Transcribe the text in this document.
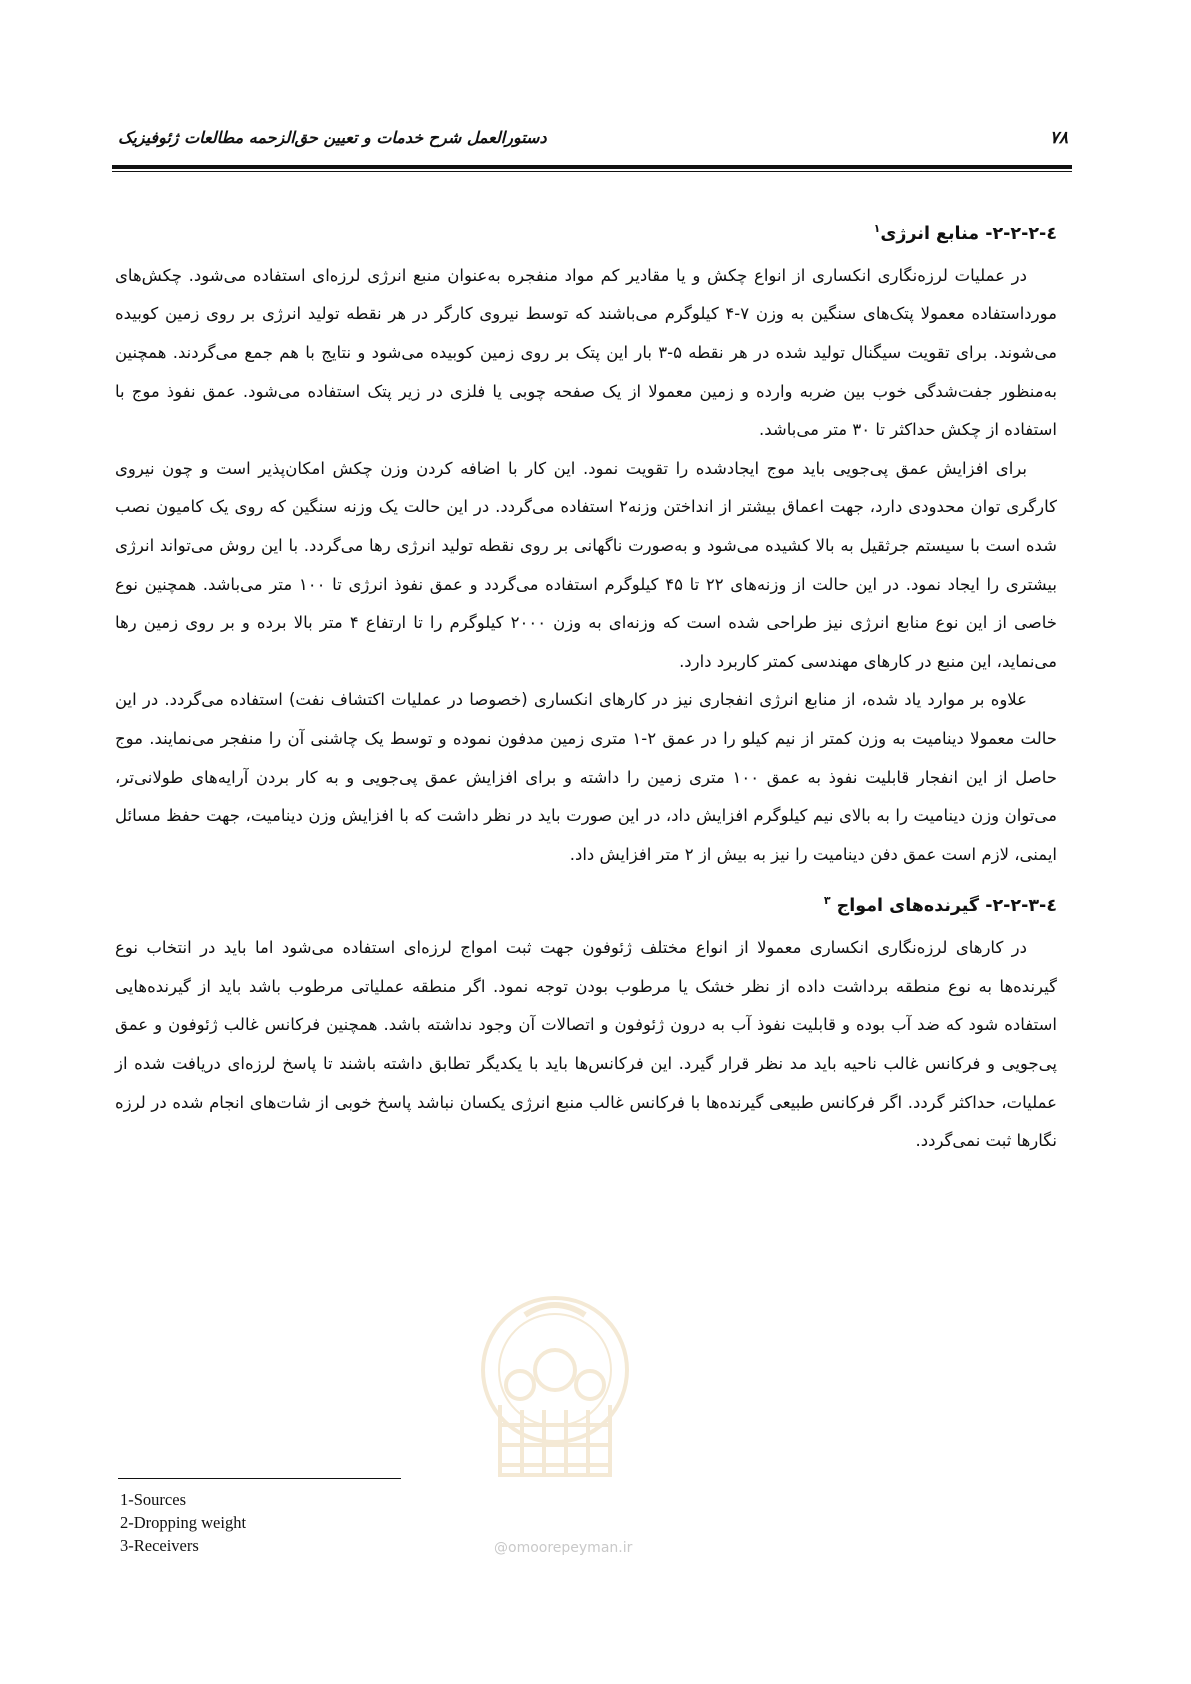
۷۸
دستورالعمل شرح خدمات و تعیین حق‌الزحمه مطالعات ژئوفیزیک
٤-۲-۲-۲- منابع انرژی$^۱$

در عملیات لرزه‌نگاری انکساری از انواع چکش و یا مقادیر کم مواد منفجره به‌عنوان منبع انرژی لرزه‌ای استفاده می‌شود. چکش‌های مورداستفاده معمولا پتک‌های سنگین به وزن ۷-۴ کیلوگرم می‌باشند که توسط نیروی کارگر در هر نقطه تولید انرژی بر روی زمین کوبیده می‌شوند. برای تقویت سیگنال تولید شده در هر نقطه ۵-۳ بار این پتک بر روی زمین کوبیده می‌شود و نتایج با هم جمع می‌گردند. همچنین به‌منظور جفت‌شدگی خوب بین ضربه وارده و زمین معمولا از یک صفحه چوبی یا فلزی در زیر پتک استفاده می‌شود. عمق نفوذ موج با استفاده از چکش حداکثر تا ۳۰ متر می‌باشد.

برای افزایش عمق پی‌جویی باید موج ایجادشده را تقویت نمود. این کار با اضافه کردن وزن چکش امکان‌پذیر است و چون نیروی کارگری توان محدودی دارد، جهت اعماق بیشتر از انداختن وزنه۲ استفاده می‌گردد. در این حالت یک وزنه سنگین که روی یک کامیون نصب شده است با سیستم جرثقیل به بالا کشیده می‌شود و به‌صورت ناگهانی بر روی نقطه تولید انرژی رها می‌گردد. با این روش می‌تواند انرژی بیشتری را ایجاد نمود. در این حالت از وزنه‌های ۲۲ تا ۴۵ کیلوگرم استفاده می‌گردد و عمق نفوذ انرژی تا ۱۰۰ متر می‌باشد. همچنین نوع خاصی از این نوع منابع انرژی نیز طراحی شده است که وزنه‌ای به وزن ۲۰۰۰ کیلوگرم را تا ارتفاع ۴ متر بالا برده و بر روی زمین رها می‌نماید، این منبع در کارهای مهندسی کمتر کاربرد دارد.

علاوه بر موارد یاد شده، از منابع انرژی انفجاری نیز در کارهای انکساری (خصوصا در عملیات اکتشاف نفت) استفاده می‌گردد. در این حالت معمولا دینامیت به وزن کمتر از نیم کیلو را در عمق ۲-۱ متری زمین مدفون نموده و توسط یک چاشنی آن را منفجر می‌نمایند. موج حاصل از این انفجار قابلیت نفوذ به عمق ۱۰۰ متری زمین را داشته و برای افزایش عمق پی‌جویی و به کار بردن آرایه‌های طولانی‌تر، می‌توان وزن دینامیت را به بالای نیم کیلوگرم افزایش داد، در این صورت باید در نظر داشت که با افزایش وزن دینامیت، جهت حفظ مسائل ایمنی، لازم است عمق دفن دینامیت را نیز به بیش از ۲ متر افزایش داد.

٤-۲-۲-۳- گیرنده‌های امواج $^۳$

در کارهای لرزه‌نگاری انکساری معمولا از انواع مختلف ژئوفون جهت ثبت امواج لرزه‌ای استفاده می‌شود اما باید در انتخاب نوع گیرنده‌ها به نوع منطقه برداشت داده از نظر خشک یا مرطوب بودن توجه نمود. اگر منطقه عملیاتی مرطوب باشد باید از گیرنده‌هایی استفاده شود که ضد آب بوده و قابلیت نفوذ آب به درون ژئوفون و اتصالات آن وجود نداشته باشد. همچنین فرکانس غالب ژئوفون و عمق پی‌جویی و فرکانس غالب ناحیه باید مد نظر قرار گیرد. این فرکانس‌ها باید با یکدیگر تطابق داشته باشند تا پاسخ لرزه‌ای دریافت شده از عملیات، حداکثر گردد. اگر فرکانس طبیعی گیرنده‌ها با فرکانس غالب منبع انرژی یکسان نباشد پاسخ خوبی از شات‌های انجام شده در لرزه نگارها ثبت نمی‌گردد.

@omoorepeyman.ir
1-Sources
2-Dropping weight
3-Receivers
